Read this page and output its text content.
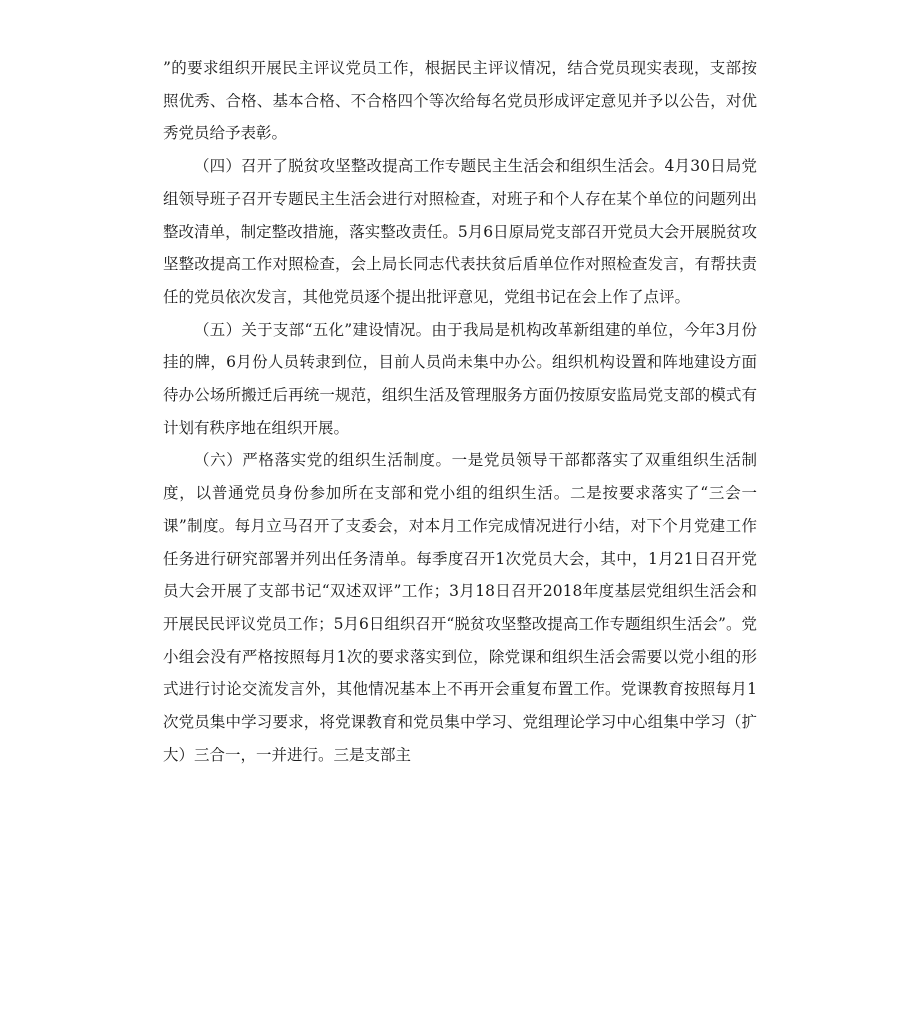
”的要求组织开展民主评议党员工作，根据民主评议情况，结合党员现实表现，支部按照优秀、合格、基本合格、不合格四个等次给每名党员形成评定意见并予以公告，对优秀党员给予表彰。

（四）召开了脱贫攻坚整改提高工作专题民主生活会和组织生活会。4月30日局党组领导班子召开专题民主生活会进行对照检查，对班子和个人存在某个单位的问题列出整改清单，制定整改措施，落实整改责任。5月6日原局党支部召开党员大会开展脱贫攻坚整改提高工作对照检查，会上局长同志代表扶贫后盾单位作对照检查发言，有帮扶责任的党员依次发言，其他党员逐个提出批评意见，党组书记在会上作了点评。

（五）关于支部“五化”建设情况。由于我局是机构改革新组建的单位，今年3月份挂的牌，6月份人员转隶到位，目前人员尚未集中办公。组织机构设置和阵地建设方面待办公场所搬迁后再统一规范，组织生活及管理服务方面仍按原安监局党支部的模式有计划有秩序地在组织开展。

（六）严格落实党的组织生活制度。一是党员领导干部都落实了双重组织生活制度，以普通党员身份参加所在支部和党小组的组织生活。二是按要求落实了“三会一课”制度。每月立马召开了支委会，对本月工作完成情况进行小结，对下个月党建工作任务进行研究部署并列出任务清单。每季度召开1次党员大会，其中，1月21日召开党员大会开展了支部书记“双述双评”工作；3月18日召开2018年度基层党组织生活会和开展民民评议党员工作；5月6日组织召开“脱贫攻坚整改提高工作专题组织生活会”。党小组会没有严格按照每月1次的要求落实到位，除党课和组织生活会需要以党小组的形式进行讨论交流发言外，其他情况基本上不再开会重复布置工作。党课教育按照每月1次党员集中学习要求，将党课教育和党员集中学习、党组理论学习中心组集中学习（扩大）三合一，一并进行。三是支部主
